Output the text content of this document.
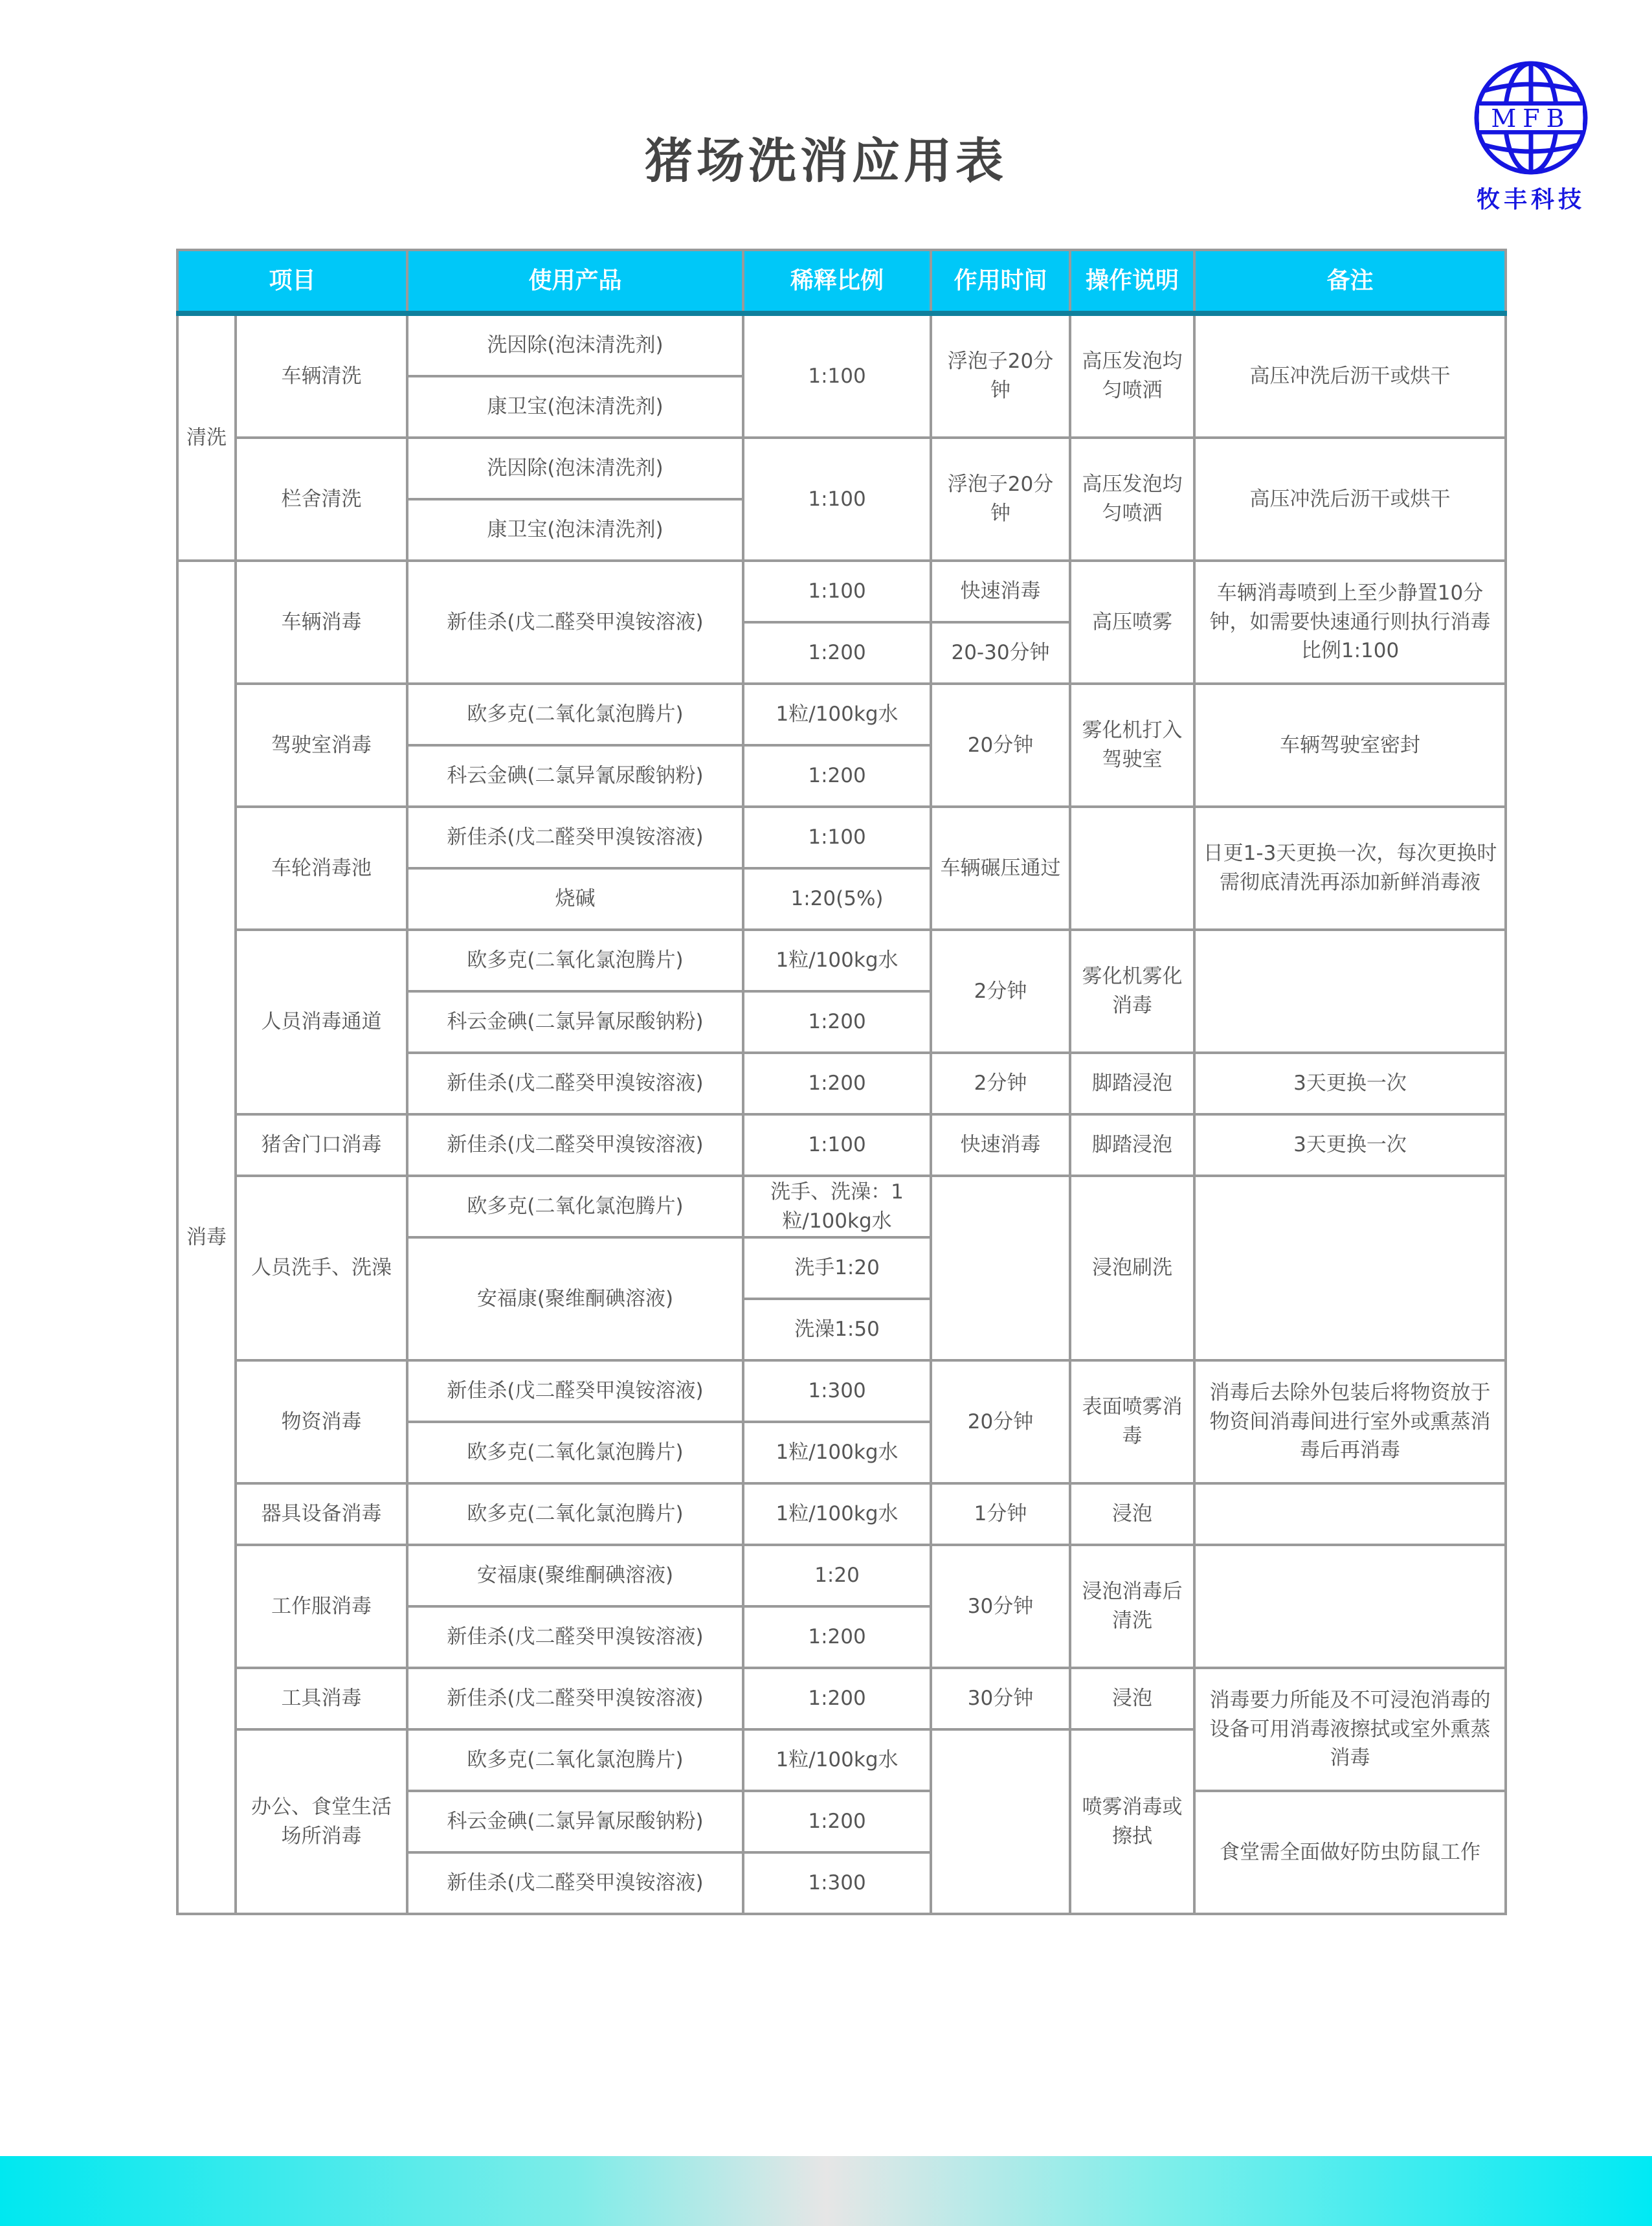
猪场洗消应用表
MFB
牧丰科技
项目		使用产品	稀释比例	作用时间	操作说明	备注
清洗	车辆清洗	洗因除(泡沫清洗剂)	1:100	浮泡子20分钟	高压发泡均匀喷洒	高压冲洗后沥干或烘干
		康卫宝(泡沫清洗剂)				
	栏舍清洗	洗因除(泡沫清洗剂)	1:100	浮泡子20分钟	高压发泡均匀喷洒	高压冲洗后沥干或烘干
		康卫宝(泡沫清洗剂)				
消毒	车辆消毒	新佳杀(戊二醛癸甲溴铵溶液)	1:100	快速消毒	高压喷雾	车辆消毒喷到上至少静置10分钟，如需要快速通行则执行消毒比例1:100
			1:200	20-30分钟		
	驾驶室消毒	欧多克(二氧化氯泡腾片)	1粒/100kg水	20分钟	雾化机打入驾驶室	车辆驾驶室密封
		科云金碘(二氯异氰尿酸钠粉)	1:200			
	车轮消毒池	新佳杀(戊二醛癸甲溴铵溶液)	1:100	车辆碾压通过		日更1-3天更换一次，每次更换时需彻底清洗再添加新鲜消毒液
		烧碱	1:20(5%)			
	人员消毒通道	欧多克(二氧化氯泡腾片)	1粒/100kg水	2分钟	雾化机雾化消毒	
		科云金碘(二氯异氰尿酸钠粉)	1:200			
		新佳杀(戊二醛癸甲溴铵溶液)	1:200	2分钟	脚踏浸泡	3天更换一次
	猪舍门口消毒	新佳杀(戊二醛癸甲溴铵溶液)	1:100	快速消毒	脚踏浸泡	3天更换一次
	人员洗手、洗澡	欧多克(二氧化氯泡腾片)	洗手、洗澡：1粒/100kg水		浸泡刷洗	

		安福康(聚维酮碘溶液)	洗手1:20			
			洗澡1:50			
	物资消毒	新佳杀(戊二醛癸甲溴铵溶液)	1:300	20分钟	表面喷雾消毒	消毒后去除外包装后将物资放于物资间消毒间进行室外或熏蒸消毒后再消毒
		欧多克(二氧化氯泡腾片)	1粒/100kg水			
	器具设备消毒	欧多克(二氧化氯泡腾片)	1粒/100kg水	1分钟	浸泡	
	工作服消毒	安福康(聚维酮碘溶液)	1:20	30分钟	浸泡消毒后清洗	
		新佳杀(戊二醛癸甲溴铵溶液)	1:200			
	工具消毒	新佳杀(戊二醛癸甲溴铵溶液)	1:200	30分钟	浸泡	消毒要力所能及不可浸泡消毒的设备可用消毒液擦拭或室外熏蒸消毒
	办公、食堂生活场所消毒	欧多克(二氧化氯泡腾片)	1粒/100kg水		喷雾消毒或擦拭	
		科云金碘(二氯异氰尿酸钠粉)	1:200			食堂需全面做好防虫防鼠工作
		新佳杀(戊二醛癸甲溴铵溶液)	1:300			
